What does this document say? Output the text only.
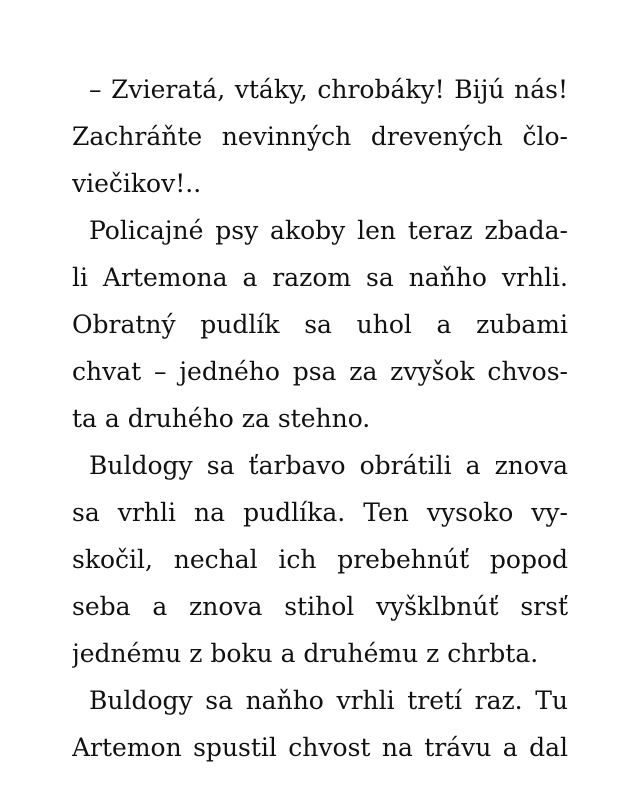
– Zvieratá, vtáky, chrobáky! Bijú nás!
Zachráňte nevinných drevených člo-
viečikov!..
Policajné psy akoby len teraz zbada-
li Artemona a razom sa naňho vrhli.
Obratný pudlík sa uhol a zubami
chvat – jedného psa za zvyšok chvos-
ta a druhého za stehno.
Buldogy sa ťarbavo obrátili a znova
sa vrhli na pudlíka. Ten vysoko vy-
skočil, nechal ich prebehnúť popod
seba a znova stihol vyšklbnúť srsť
jednému z boku a druhému z chrbta.
Buldogy sa naňho vrhli tretí raz. Tu
Artemon spustil chvost na trávu a dal
